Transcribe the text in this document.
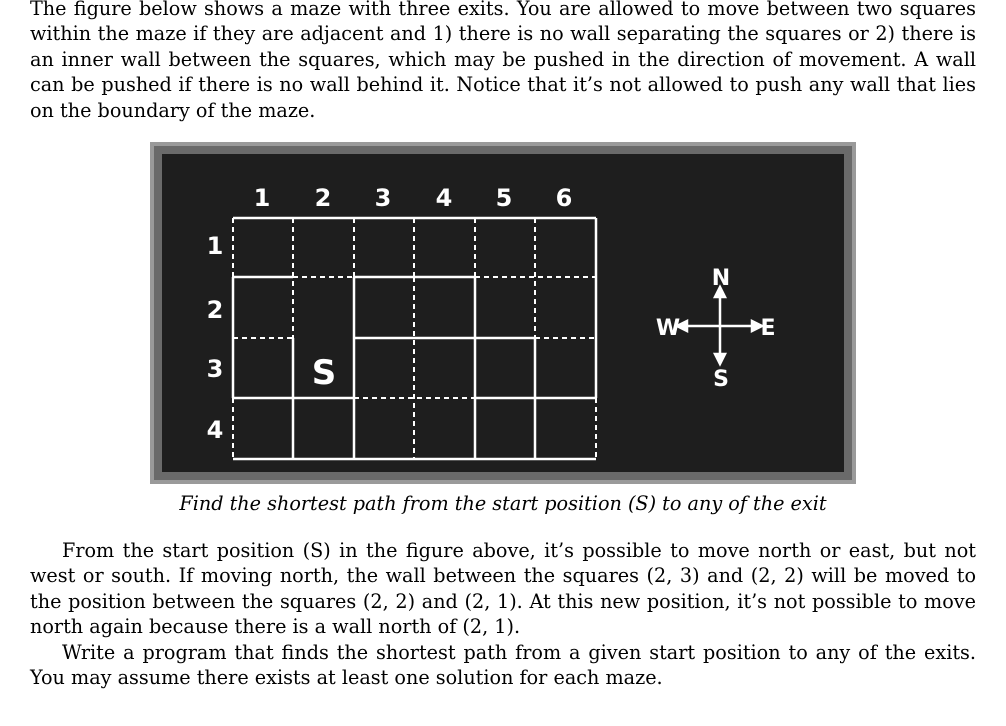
The figure below shows a maze with three exits. You are allowed to move between two squares within the maze if they are adjacent and 1) there is no wall separating the squares or 2) there is an inner wall between the squares, which may be pushed in the direction of movement. A wall can be pushed if there is no wall behind it. Notice that it’s not allowed to push any wall that lies on the boundary of the maze.

1 2 3 4 5 6
1
2
3
4
S
N
S
W	E
Find the shortest path from the start position (S) to any of the exit

From the start position (S) in the figure above, it’s possible to move north or east, but not west or south. If moving north, the wall between the squares (2, 3) and (2, 2) will be moved to the position between the squares (2, 2) and (2, 1). At this new position, it’s not possible to move north again because there is a wall north of (2, 1).

Write a program that finds the shortest path from a given start position to any of the exits. You may assume there exists at least one solution for each maze.
